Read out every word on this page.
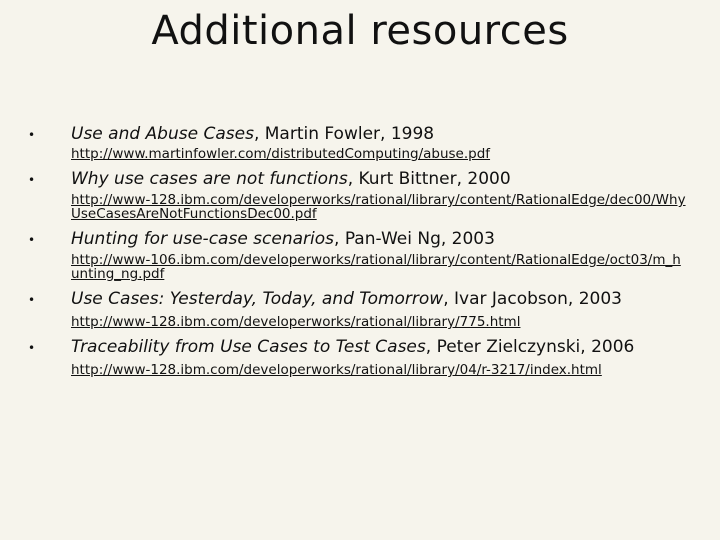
Additional resources
• Use and Abuse Cases, Martin Fowler, 1998
http://www.martinfowler.com/distributedComputing/abuse.pdf
• Why use cases are not functions, Kurt Bittner, 2000
http://www-128.ibm.com/developerworks/rational/library/content/RationalEdge/dec00/WhyUseCasesAreNotFunctionsDec00.pdf
• Hunting for use-case scenarios, Pan-Wei Ng, 2003
http://www-106.ibm.com/developerworks/rational/library/content/RationalEdge/oct03/m_hunting_ng.pdf
• Use Cases: Yesterday, Today, and Tomorrow, Ivar Jacobson, 2003
http://www-128.ibm.com/developerworks/rational/library/775.html
• Traceability from Use Cases to Test Cases, Peter Zielczynski, 2006
http://www-128.ibm.com/developerworks/rational/library/04/r-3217/index.html
